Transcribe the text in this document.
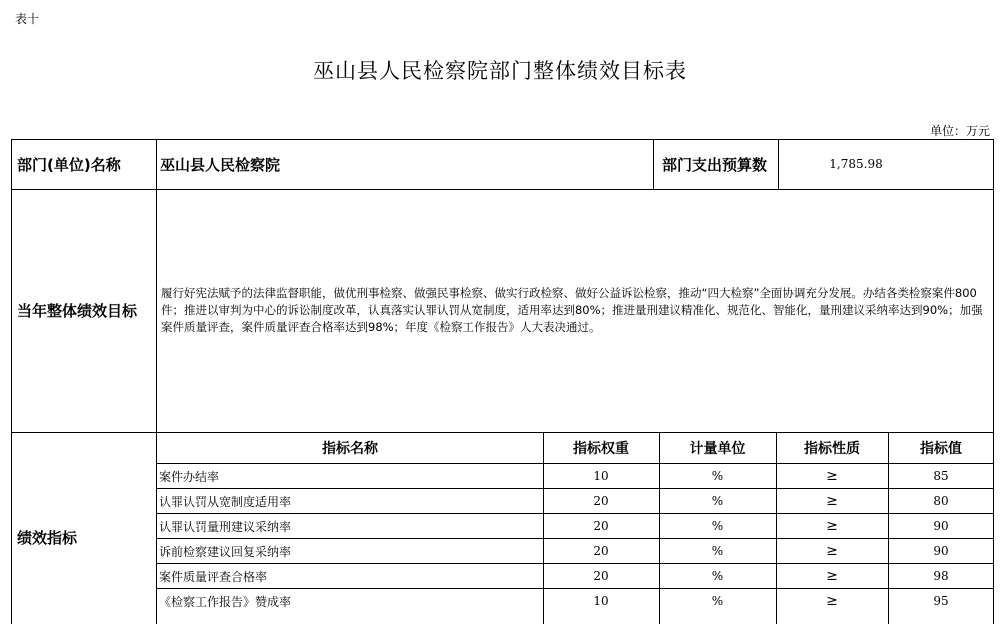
表十
巫山县人民检察院部门整体绩效目标表
单位：万元
部门(单位)名称	巫山县人民检察院	部门支出预算数	1,785.98
当年整体绩效目标
履行好宪法赋予的法律监督职能，做优刑事检察、做强民事检察、做实行政检察、做好公益诉讼检察，推动“四大检察”全面协调充分发展。办结各类检察案件800件；推进以审判为中心的诉讼制度改革，认真落实认罪认罚从宽制度，适用率达到80%；推进量刑建议精准化、规范化、智能化，量刑建议采纳率达到90%；加强案件质量评查，案件质量评查合格率达到98%；年度《检察工作报告》人大表决通过。
绩效指标
指标名称	指标权重	计量单位	指标性质	指标值
案件办结率	10	%	≥	85
认罪认罚从宽制度适用率	20	%	≥	80
认罪认罚量刑建议采纳率	20	%	≥	90
诉前检察建议回复采纳率	20	%	≥	90
案件质量评查合格率	20	%	≥	98
《检察工作报告》赞成率	10	%	≥	95
